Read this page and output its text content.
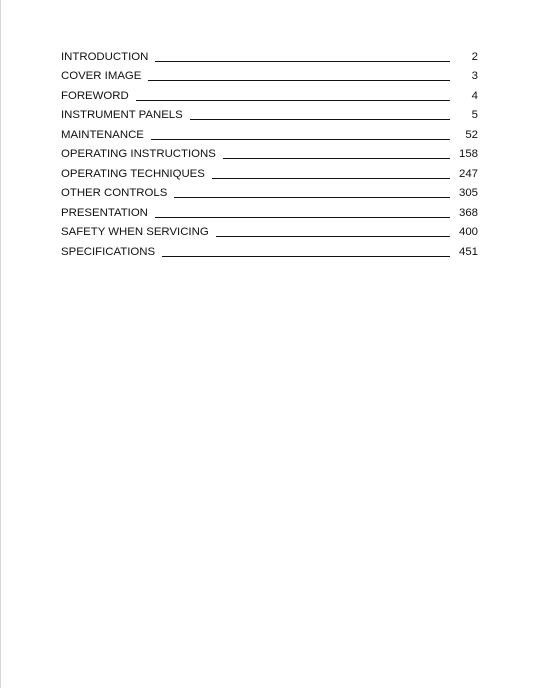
INTRODUCTION	2
COVER IMAGE	3
FOREWORD	4
INSTRUMENT PANELS	5
MAINTENANCE	52
OPERATING INSTRUCTIONS	158
OPERATING TECHNIQUES	247
OTHER CONTROLS	305
PRESENTATION	368
SAFETY WHEN SERVICING	400
SPECIFICATIONS	451
